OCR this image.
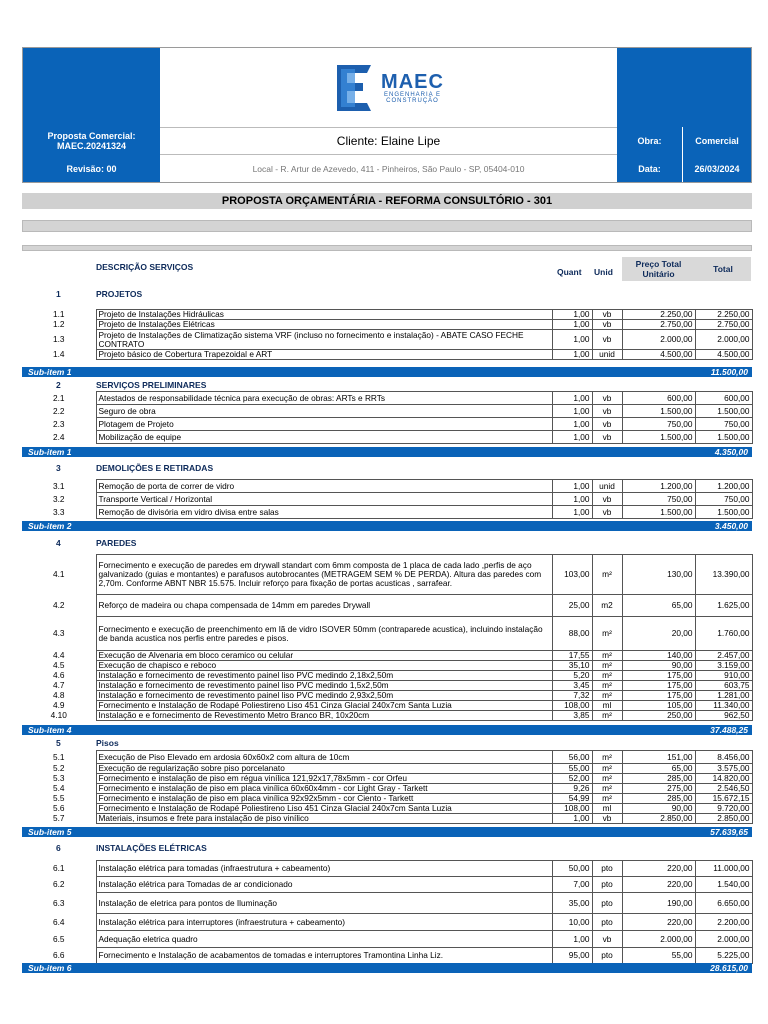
Proposta Comercial:
MAEC.20241324
Revisão: 00
MAEC
ENGENHARIA E
CONSTRUÇÃO
Cliente: Elaine Lipe
Local - R. Artur de Azevedo, 411 - Pinheiros, São Paulo - SP, 05404-010
Obra:	Comercial
Data:	26/03/2024
PROPOSTA ORÇAMENTÁRIA - REFORMA CONSULTÓRIO - 301
DESCRIÇÃO SERVIÇOS	Quant Unid
Preço Total
Unitário	Total
1	PROJETOS
1.1	Projeto de Instalações Hidráulicas	1,00	vb	2.250,00	2.250,00
1.2	Projeto de Instalações Elétricas	1,00	vb	2.750,00	2.750,00
1.3	Projeto de Instalações de Climatização sistema VRF (incluso no fornecimento e instalação) - ABATE CASO FECHE CONTRATO	1,00	vb	2.000,00	2.000,00
1.4	Projeto básico de Cobertura Trapezoidal e ART	1,00	unid	4.500,00	4.500,00
Sub-item 1	11.500,00
2	SERVIÇOS PRELIMINARES
2.1	Atestados de responsabilidade técnica para execução de obras: ARTs e RRTs	1,00	vb	600,00	600,00
2.2	Seguro de obra	1,00	vb	1.500,00	1.500,00
2.3	Plotagem de Projeto	1,00	vb	750,00	750,00
2.4	Mobilização de equipe	1,00	vb	1.500,00	1.500,00
Sub-item 1	4.350,00
3	DEMOLIÇÕES E RETIRADAS
3.1	Remoção de porta de correr de vidro	1,00	unid	1.200,00	1.200,00
3.2	Transporte Vertical / Horizontal	1,00	vb	750,00	750,00
3.3	Remoção de divisória em vidro divisa entre salas	1,00	vb	1.500,00	1.500,00
Sub-item 2	3.450,00
4	PAREDES
4.1	Fornecimento e execução de paredes em drywall standart com 6mm composta de 1 placa de cada lado ,perfis de aço galvanizado (guias e montantes) e parafusos autobrocantes (METRAGEM SEM % DE PERDA). Altura das paredes com 2,70m. Conforme ABNT NBR 15.575. Incluir reforço para fixação de portas acusticas , sarrafear.	103,00	m²	130,00	13.390,00
4.2	Reforço de madeira ou chapa compensada de 14mm em paredes Drywall	25,00	m2	65,00	1.625,00
4.3	Fornecimento e execução de preenchimento em lã de vidro ISOVER 50mm (contraparede acustica), incluindo instalação de banda acustica nos perfis entre paredes e pisos.	88,00	m²	20,00	1.760,00
4.4	Execução de Alvenaria em bloco ceramico ou celular	17,55	m²	140,00	2.457,00
4.5	Execução de chapisco e reboco	35,10	m²	90,00	3.159,00
4.6	Instalação e fornecimento de revestimento painel liso PVC medindo 2,18x2,50m	5,20	m²	175,00	910,00
4.7	Instalação e fornecimento de revestimento painel liso PVC medindo 1,5x2,50m	3,45	m²	175,00	603,75
4.8	Instalação e fornecimento de revestimento painel liso PVC medindo 2,93x2,50m	7,32	m²	175,00	1.281,00
4.9	Fornecimento e Instalação de Rodapé Poliestireno Liso 451 Cinza Glacial 240x7cm Santa Luzia	108,00	ml	105,00	11.340,00
4.10	Instalação e e fornecimento de Revestimento Metro Branco BR, 10x20cm	3,85	m²	250,00	962,50
Sub-item 4	37.488,25
5	Pisos
5.1	Execução de Piso Elevado em ardosia 60x60x2 com altura de 10cm	56,00	m²	151,00	8.456,00
5.2	Execução de regularização sobre piso porcelanato	55,00	m²	65,00	3.575,00
5.3	Fornecimento e instalação de piso em régua vinílica 121,92x17,78x5mm - cor Orfeu	52,00	m²	285,00	14.820,00
5.4	Fornecimento e instalação de piso em placa vinílica 60x60x4mm - cor Light Gray - Tarkett	9,26	m²	275,00	2.546,50
5.5	Fornecimento e instalação de piso em placa vinílica 92x92x5mm - cor Ciento - Tarkett	54,99	m²	285,00	15.672,15
5.6	Fornecimento e Instalação de Rodapé Poliestireno Liso 451 Cinza Glacial 240x7cm Santa Luzia	108,00	ml	90,00	9.720,00
5.7	Materiais, insumos e frete para instalação de piso vinílico	1,00	vb	2.850,00	2.850,00
Sub-item 5	57.639,65
6	INSTALAÇÕES ELÉTRICAS
6.1	Instalação elétrica para tomadas (infraestrutura + cabeamento)	50,00	pto	220,00	11.000,00
6.2	Instalação elétrica para Tomadas de ar condicionado	7,00	pto	220,00	1.540,00
6.3	Instalação de eletrica para pontos de Iluminação	35,00	pto	190,00	6.650,00
6.4	Instalação elétrica para interruptores (infraestrutura + cabeamento)	10,00	pto	220,00	2.200,00
6.5	Adequação eletrica quadro	1,00	vb	2.000,00	2.000,00
6.6	Fornecimento e Instalação de acabamentos de tomadas e interruptores Tramontina Linha Liz.	95,00	pto	55,00	5.225,00
Sub-item 6	28.615,00
